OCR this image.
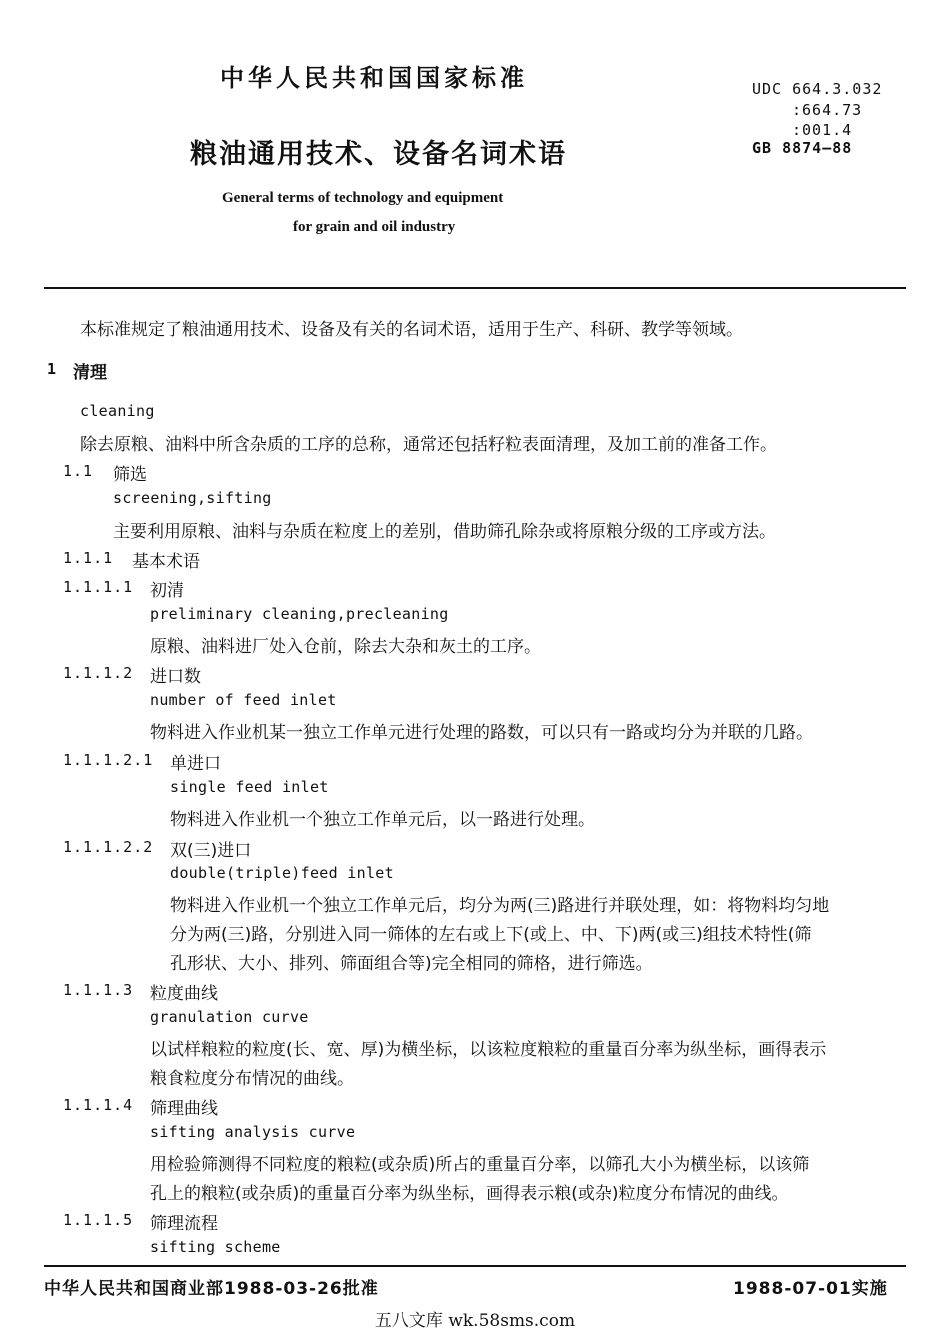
中华人民共和国国家标准	UDC 664.3.032
:664.73
:001.4
GB 8874—88
粮油通用技术、设备名词术语
General terms of technology and equipment
for grain and oil industry
本标准规定了粮油通用技术、设备及有关的名词术语，适用于生产、科研、教学等领域。
1 清理
cleaning
除去原粮、油料中所含杂质的工序的总称，通常还包括籽粒表面清理，及加工前的准备工作。
1.1 筛选
screening,sifting
主要利用原粮、油料与杂质在粒度上的差别，借助筛孔除杂或将原粮分级的工序或方法。
1.1.1 基本术语
1.1.1.1 初清
preliminary cleaning,precleaning
原粮、油料进厂处入仓前，除去大杂和灰土的工序。
1.1.1.2 进口数
number of feed inlet
物料进入作业机某一独立工作单元进行处理的路数，可以只有一路或均分为并联的几路。
1.1.1.2.1 单进口
single feed inlet
物料进入作业机一个独立工作单元后，以一路进行处理。
1.1.1.2.2 双(三)进口
double(triple)feed inlet
物料进入作业机一个独立工作单元后，均分为两(三)路进行并联处理，如：将物料均匀地
分为两(三)路，分别进入同一筛体的左右或上下(或上、中、下)两(或三)组技术特性(筛
孔形状、大小、排列、筛面组合等)完全相同的筛格，进行筛选。
1.1.1.3 粒度曲线
granulation curve
以试样粮粒的粒度(长、宽、厚)为横坐标，以该粒度粮粒的重量百分率为纵坐标，画得表示
粮食粒度分布情况的曲线。
1.1.1.4 筛理曲线
sifting analysis curve
用检验筛测得不同粒度的粮粒(或杂质)所占的重量百分率，以筛孔大小为横坐标，以该筛
孔上的粮粒(或杂质)的重量百分率为纵坐标，画得表示粮(或杂)粒度分布情况的曲线。
1.1.1.5 筛理流程
sifting scheme
中华人民共和国商业部1988-03-26批准	1988-07-01实施
五八文库 wk.58sms.com
